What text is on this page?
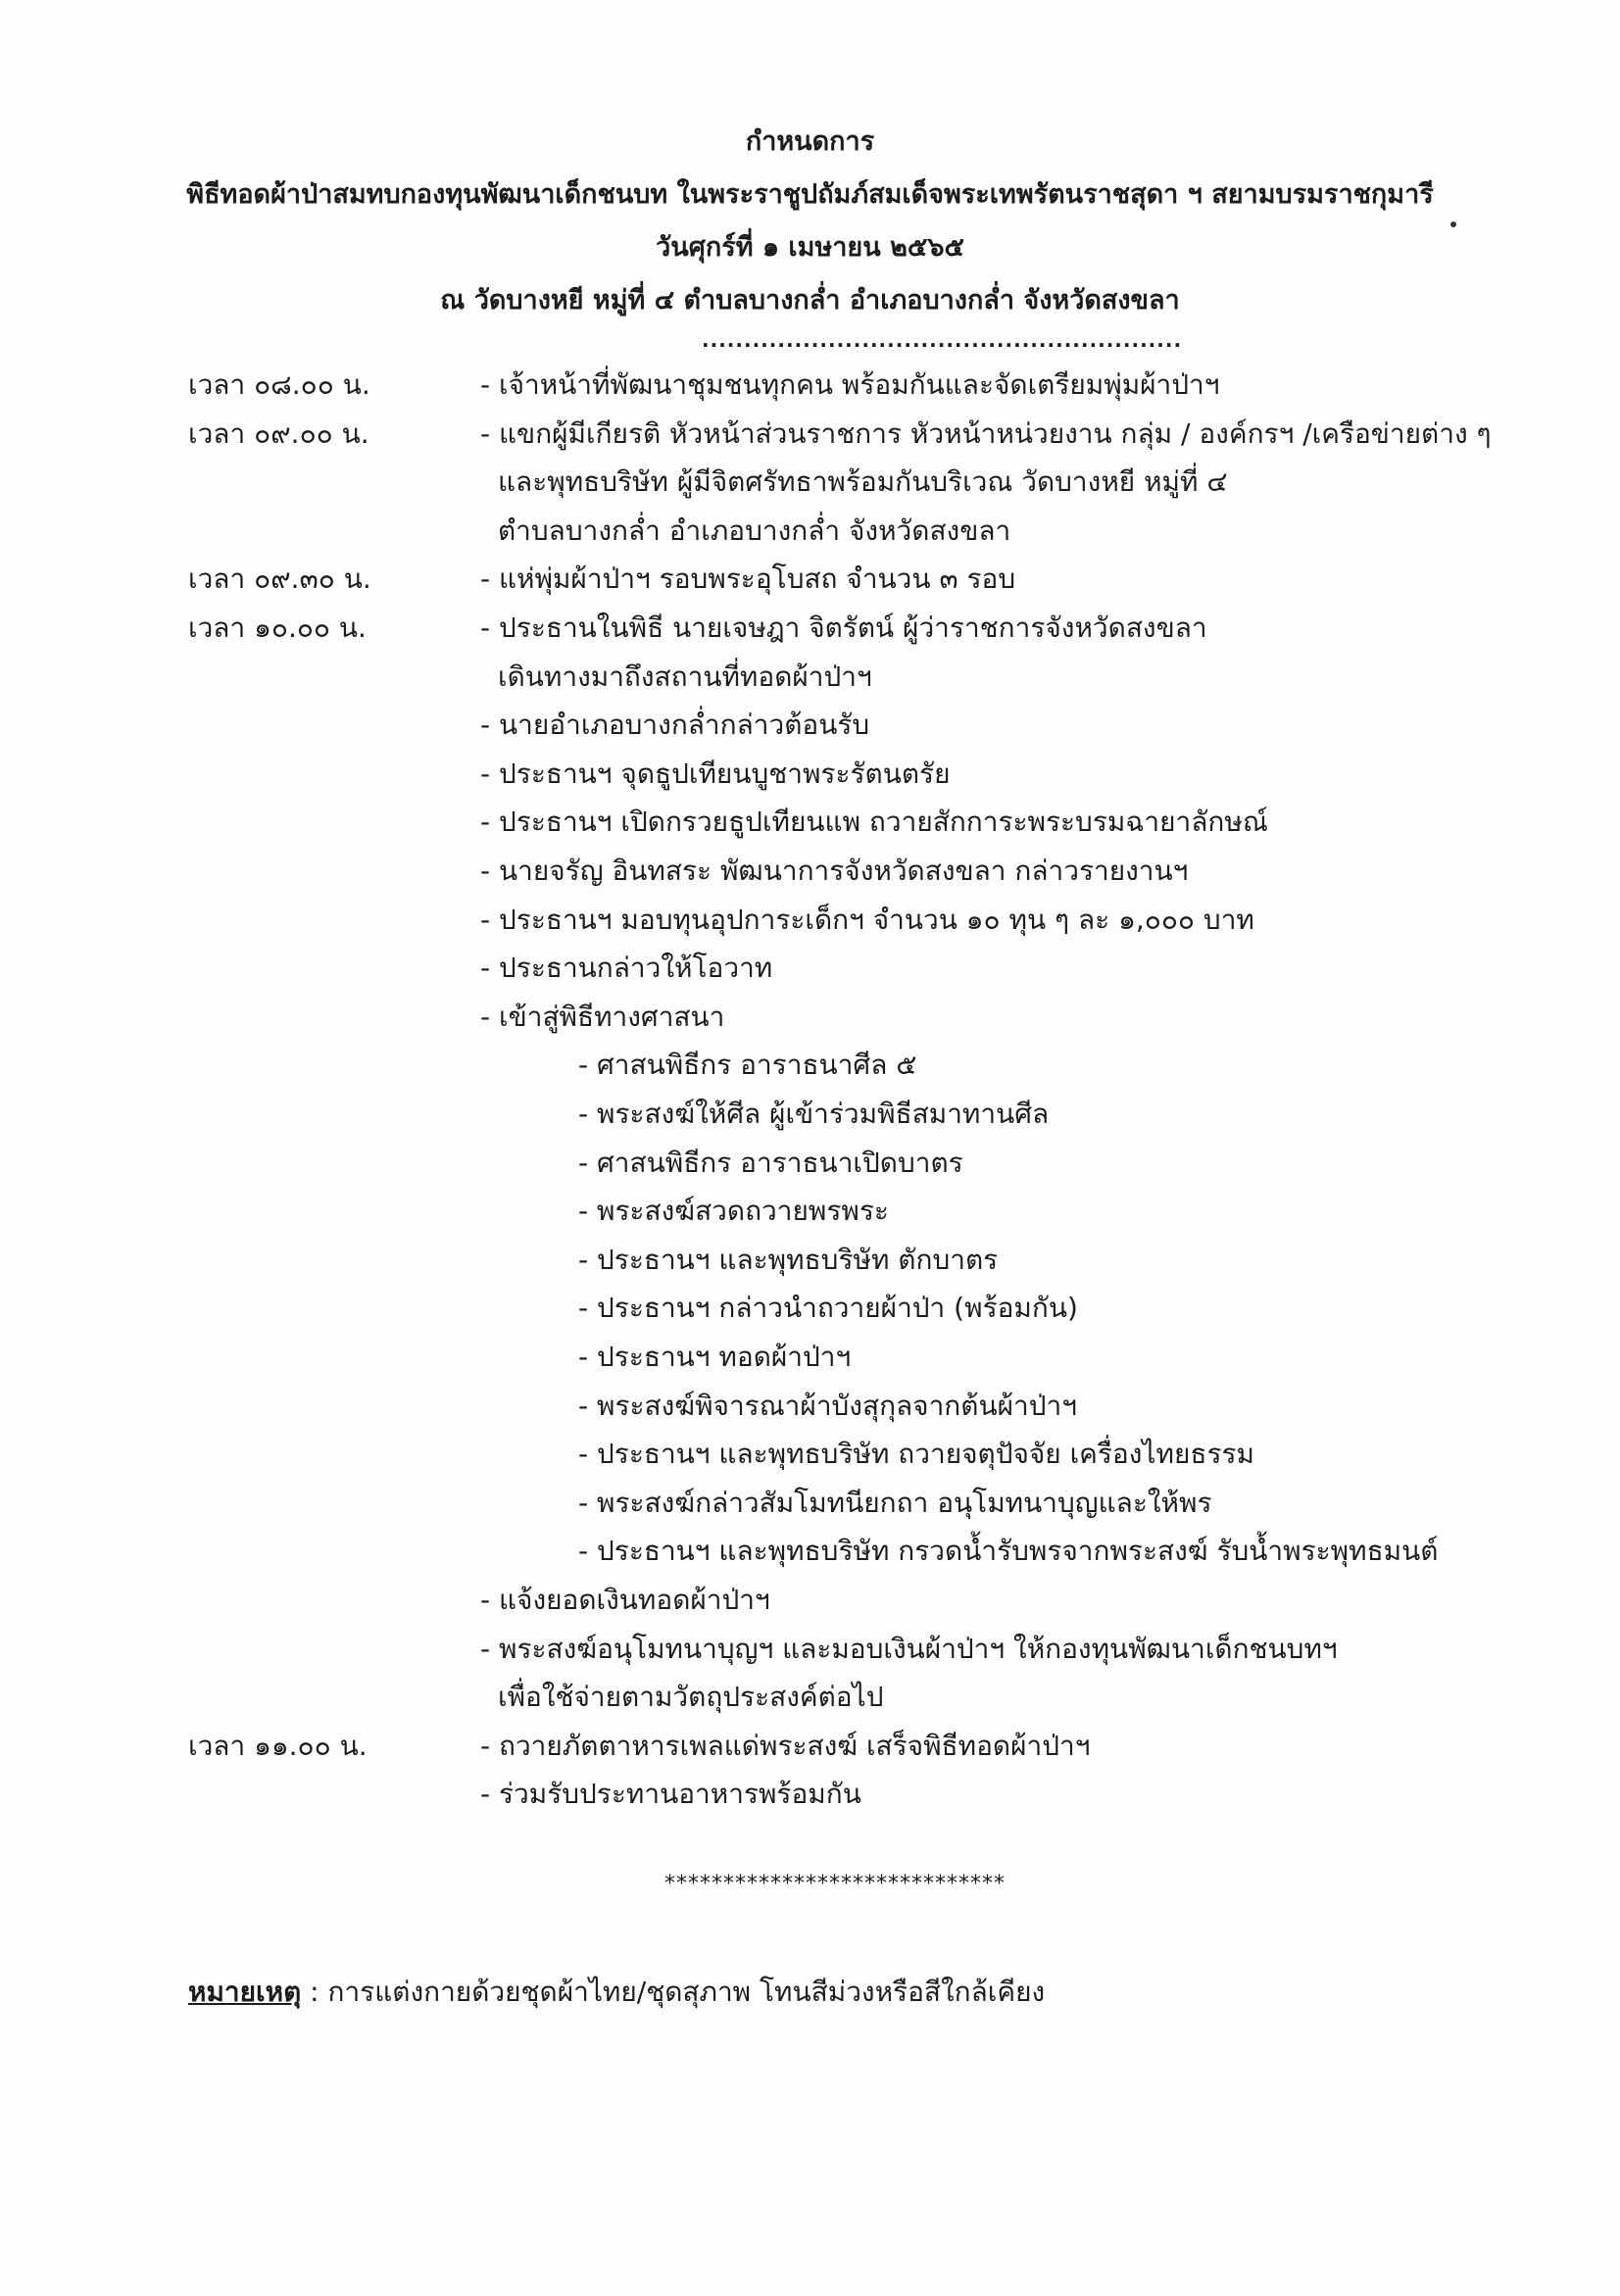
กำหนดการ
พิธีทอดผ้าป่าสมทบกองทุนพัฒนาเด็กชนบท ในพระราชูปถัมภ์สมเด็จพระเทพรัตนราชสุดา ฯ สยามบรมราชกุมารี
วันศุกร์ที่ ๑ เมษายน ๒๕๖๕
ณ วัดบางหยี หมู่ที่ ๔ ตำบลบางกล่ำ อำเภอบางกล่ำ จังหวัดสงขลา
.........................................................
เวลา ๐๘.๐๐ น.	- เจ้าหน้าที่พัฒนาชุมชนทุกคน พร้อมกันและจัดเตรียมพุ่มผ้าป่าฯ
เวลา ๐๙.๐๐ น.	- แขกผู้มีเกียรติ หัวหน้าส่วนราชการ หัวหน้าหน่วยงาน กลุ่ม / องค์กรฯ /เครือข่ายต่าง ๆ
และพุทธบริษัท ผู้มีจิตศรัทธาพร้อมกันบริเวณ วัดบางหยี หมู่ที่ ๔
ตำบลบางกล่ำ อำเภอบางกล่ำ จังหวัดสงขลา
เวลา ๐๙.๓๐ น.	- แห่พุ่มผ้าป่าฯ รอบพระอุโบสถ จำนวน ๓ รอบ
เวลา ๑๐.๐๐ น.	- ประธานในพิธี นายเจษฎา จิตรัตน์ ผู้ว่าราชการจังหวัดสงขลา
เดินทางมาถึงสถานที่ทอดผ้าป่าฯ
- นายอำเภอบางกล่ำกล่าวต้อนรับ
- ประธานฯ จุดธูปเทียนบูชาพระรัตนตรัย
- ประธานฯ เปิดกรวยธูปเทียนแพ ถวายสักการะพระบรมฉายาลักษณ์
- นายจรัญ อินทสระ พัฒนาการจังหวัดสงขลา กล่าวรายงานฯ
- ประธานฯ มอบทุนอุปการะเด็กฯ จำนวน ๑๐ ทุน ๆ ละ ๑,๐๐๐ บาท
- ประธานกล่าวให้โอวาท
- เข้าสู่พิธีทางศาสนา
- ศาสนพิธีกร อาราธนาศีล ๕
- พระสงฆ์ให้ศีล ผู้เข้าร่วมพิธีสมาทานศีล
- ศาสนพิธีกร อาราธนาเปิดบาตร
- พระสงฆ์สวดถวายพรพระ
- ประธานฯ และพุทธบริษัท ตักบาตร
- ประธานฯ กล่าวนำถวายผ้าป่า (พร้อมกัน)
- ประธานฯ ทอดผ้าป่าฯ
- พระสงฆ์พิจารณาผ้าบังสุกุลจากต้นผ้าป่าฯ
- ประธานฯ และพุทธบริษัท ถวายจตุปัจจัย เครื่องไทยธรรม
- พระสงฆ์กล่าวสัมโมทนียกถา อนุโมทนาบุญและให้พร
- ประธานฯ และพุทธบริษัท กรวดน้ำรับพรจากพระสงฆ์ รับน้ำพระพุทธมนต์
- แจ้งยอดเงินทอดผ้าป่าฯ
- พระสงฆ์อนุโมทนาบุญฯ และมอบเงินผ้าป่าฯ ให้กองทุนพัฒนาเด็กชนบทฯ
เพื่อใช้จ่ายตามวัตถุประสงค์ต่อไป
เวลา ๑๑.๐๐ น.	- ถวายภัตตาหารเพลแด่พระสงฆ์ เสร็จพิธีทอดผ้าป่าฯ
- ร่วมรับประทานอาหารพร้อมกัน
*****************************
หมายเหตุ : การแต่งกายด้วยชุดผ้าไทย/ชุดสุภาพ โทนสีม่วงหรือสีใกล้เคียง
